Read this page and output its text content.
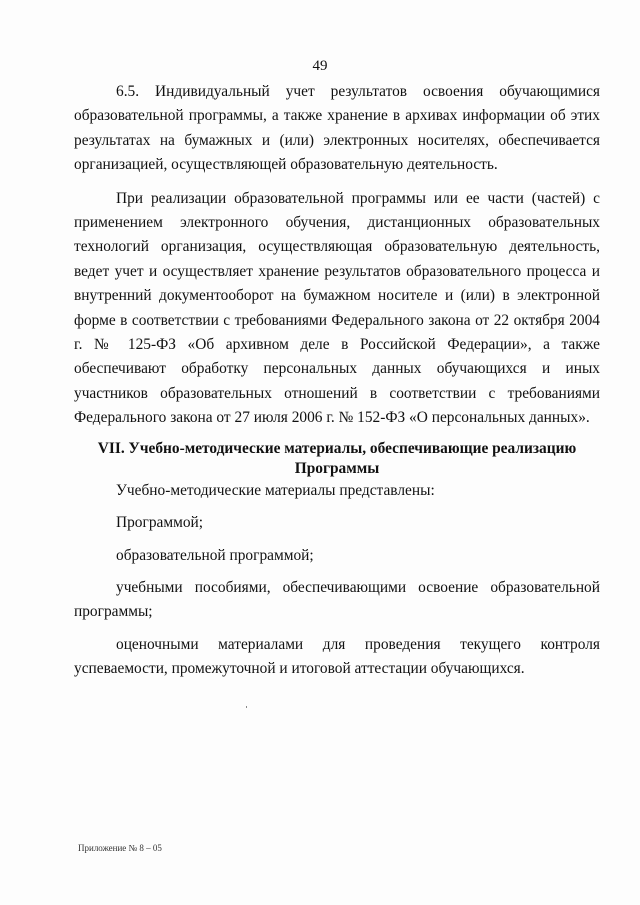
49

6.5. Индивидуальный учет результатов освоения обучающимися образовательной программы, а также хранение в архивах информации об этих результатах на бумажных и (или) электронных носителях, обеспечивается организацией, осуществляющей образовательную деятельность.

При реализации образовательной программы или ее части (частей) с применением электронного обучения, дистанционных образовательных технологий организация, осуществляющая образовательную деятельность, ведет учет и осуществляет хранение результатов образовательного процесса и внутренний документооборот на бумажном носителе и (или) в электронной форме в соответствии с требованиями Федерального закона от 22 октября 2004 г. № 125-ФЗ «Об архивном деле в Российской Федерации», а также обеспечивают обработку персональных данных обучающихся и иных участников образовательных отношений в соответствии с требованиями Федерального закона от 27 июля 2006 г. № 152-ФЗ «О персональных данных».

VII. Учебно-методические материалы, обеспечивающие реализацию
Программы

Учебно-методические материалы представлены:

Программой;

образовательной программой;

учебными пособиями, обеспечивающими освоение образовательной программы;

оценочными материалами для проведения текущего контроля успеваемости, промежуточной и итоговой аттестации обучающихся.

Приложение № 8 – 05
